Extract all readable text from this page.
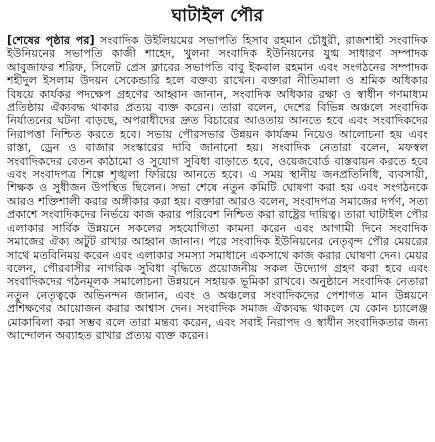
ঘাটাইল পৌর

[শেষের পৃষ্ঠার পর] সংবাদিক উইলিয়মের সভাপতি হিসাব রহমান চৌধুরী, রাজশাহী সংবাদিক ইউনিয়নের সভাপতি কাজী শাহেদ, খুলনা সংবাদিক ইউনিয়নের যুগ্ম সাধারণ সম্পাদক আবুজাফর শরিফ, সিলেট প্রেস ক্লাবের সভাপতি বাবু ইকবাল রহমান এবং সংগঠনের সম্পাদক শহীদুল ইসলাম উদয়ন সেকেন্ডারি হলে বক্তব্য রাখেন। বক্তারা নীতিমালা ও শ্রমিক অধিকার বিষয়ে কার্যকর পদক্ষেপ গ্রহণের আহ্বান জানান, সংবাদিক অধিকার রক্ষা ও স্বাধীন গণমাধ্যম প্রতিষ্ঠায় ঐক্যবদ্ধ থাকার প্রত্যয় ব্যক্ত করেন। তারা বলেন, দেশের বিভিন্ন অঞ্চলে সংবাদিক নির্যাতনের ঘটনা বাড়ছে, অপরাধীদের দ্রুত বিচারের আওতায় আনতে হবে এবং সংবাদিকদের নিরাপত্তা নিশ্চিত করতে হবে। সভায় পৌরসভার উন্নয়ন কার্যক্রম নিয়েও আলোচনা হয় এবং রাস্তা, ড্রেন ও বাজার সংস্কারের দাবি জানানো হয়। সংবাদিক নেতারা বলেন, মফস্বল সংবাদিকদের বেতন কাঠামো ও সুযোগ সুবিধা বাড়াতে হবে, ওয়েজবোর্ড বাস্তবায়ন করতে হবে এবং সংবাদপত্র শিল্পে শৃঙ্খলা ফিরিয়ে আনতে হবে। এ সময় স্থানীয় জনপ্রতিনিধি, ব্যবসায়ী, শিক্ষক ও সুধীজন উপস্থিত ছিলেন। সভা শেষে নতুন কমিটি ঘোষণা করা হয় এবং সংগঠনকে আরও শক্তিশালী করার অঙ্গীকার করা হয়। বক্তারা আরও বলেন, সংবাদপত্র সমাজের দর্পণ, সত্য প্রকাশে সংবাদিকদের নির্ভয়ে কাজ করার পরিবেশ নিশ্চিত করা রাষ্ট্রের দায়িত্ব। তারা ঘাটাইল পৌর এলাকার সার্বিক উন্নয়নে সকলের সহযোগিতা কামনা করেন এবং আগামী দিনে সংবাদিক সমাজের ঐক্য অটুট রাখার আহ্বান জানান। পরে সংবাদিক ইউনিয়নের নেতৃবৃন্দ পৌর মেয়রের সাথে মতবিনিময় করেন এবং এলাকার সমস্যা সমাধানে একসাথে কাজ করার ঘোষণা দেন। মেয়র বলেন, পৌরবাসীর নাগরিক সুবিধা বৃদ্ধিতে প্রয়োজনীয় সকল উদ্যোগ গ্রহণ করা হবে এবং সংবাদিকদের গঠনমূলক সমালোচনা উন্নয়নে সহায়ক ভূমিকা রাখবে। অনুষ্ঠানে সংবাদিক নেতারা নতুন নেতৃত্বকে অভিনন্দন জানান, এবং ও অঞ্চলের সংবাদিকদের পেশাগত মান উন্নয়নে প্রশিক্ষণের আয়োজন করার আশ্বাস দেন। সংবাদিক সমাজ ঐক্যবদ্ধ থাকলে যে কোন চ্যালেঞ্জ মোকাবিলা করা সম্ভব বলে তারা মন্তব্য করেন, এবং সবাই নিরাপদ ও স্বাধীন সংবাদিকতার জন্য আন্দোলন অব্যাহত রাখার প্রত্যয় ব্যক্ত করেন।
